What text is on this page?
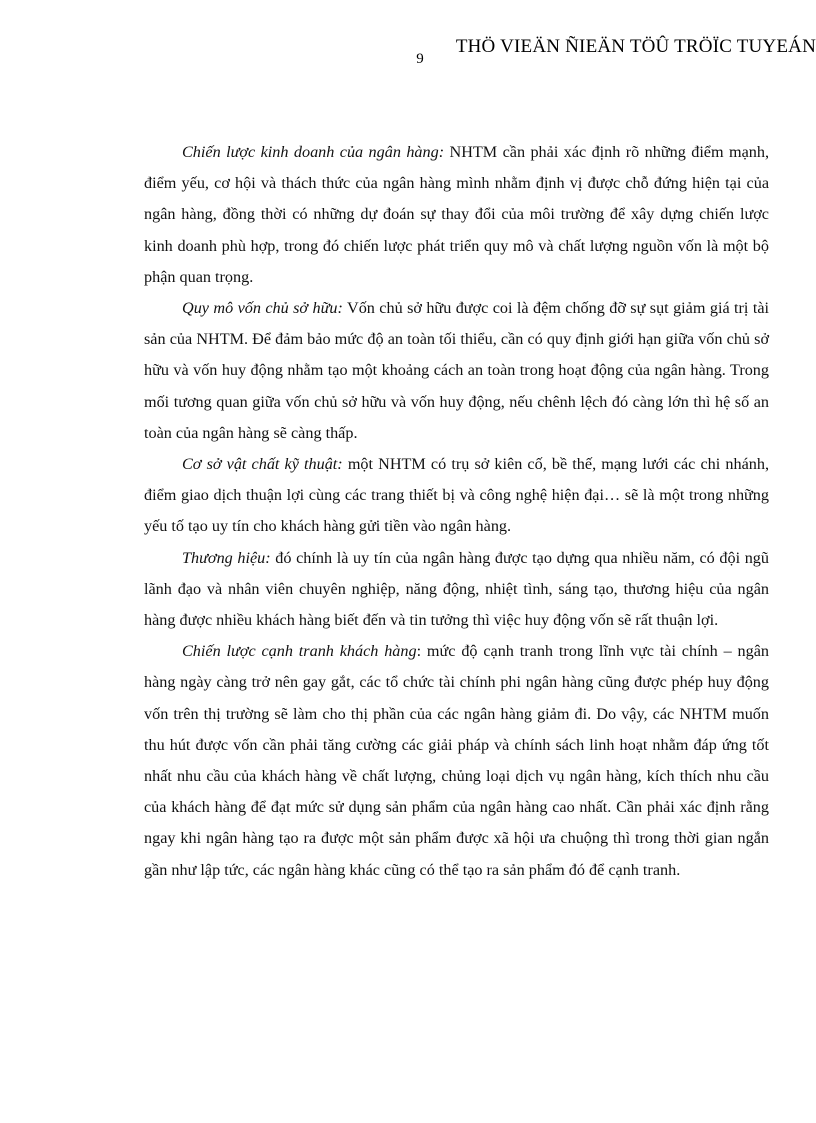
THÖ VIEÄN ÑIEÄN TÖÛ TRÖÏC TUYEÁN
9

Chiến lược kinh doanh của ngân hàng: NHTM cần phải xác định rõ những điểm mạnh, điểm yếu, cơ hội và thách thức của ngân hàng mình nhằm định vị được chỗ đứng hiện tại của ngân hàng, đồng thời có những dự đoán sự thay đổi của môi trường để xây dựng chiến lược kinh doanh phù hợp, trong đó chiến lược phát triển quy mô và chất lượng nguồn vốn là một bộ phận quan trọng.

Quy mô vốn chủ sở hữu: Vốn chủ sở hữu được coi là đệm chống đỡ sự sụt giảm giá trị tài sản của NHTM. Để đảm bảo mức độ an toàn tối thiểu, cần có quy định giới hạn giữa vốn chủ sở hữu và vốn huy động nhằm tạo một khoảng cách an toàn trong hoạt động của ngân hàng. Trong mối tương quan giữa vốn chủ sở hữu và vốn huy động, nếu chênh lệch đó càng lớn thì hệ số an toàn của ngân hàng sẽ càng thấp.

Cơ sở vật chất kỹ thuật: một NHTM có trụ sở kiên cố, bề thế, mạng lưới các chi nhánh, điểm giao dịch thuận lợi cùng các trang thiết bị và công nghệ hiện đại… sẽ là một trong những yếu tố tạo uy tín cho khách hàng gửi tiền vào ngân hàng.

Thương hiệu: đó chính là uy tín của ngân hàng được tạo dựng qua nhiều năm, có đội ngũ lãnh đạo và nhân viên chuyên nghiệp, năng động, nhiệt tình, sáng tạo, thương hiệu của ngân hàng được nhiều khách hàng biết đến và tin tưởng thì việc huy động vốn sẽ rất thuận lợi.

Chiến lược cạnh tranh khách hàng: mức độ cạnh tranh trong lĩnh vực tài chính – ngân hàng ngày càng trở nên gay gắt, các tổ chức tài chính phi ngân hàng cũng được phép huy động vốn trên thị trường sẽ làm cho thị phần của các ngân hàng giảm đi. Do vậy, các NHTM muốn thu hút được vốn cần phải tăng cường các giải pháp và chính sách linh hoạt nhằm đáp ứng tốt nhất nhu cầu của khách hàng về chất lượng, chủng loại dịch vụ ngân hàng, kích thích nhu cầu của khách hàng để đạt mức sử dụng sản phẩm của ngân hàng cao nhất. Cần phải xác định rằng ngay khi ngân hàng tạo ra được một sản phẩm được xã hội ưa chuộng thì trong thời gian ngắn gần như lập tức, các ngân hàng khác cũng có thể tạo ra sản phẩm đó để cạnh tranh.
